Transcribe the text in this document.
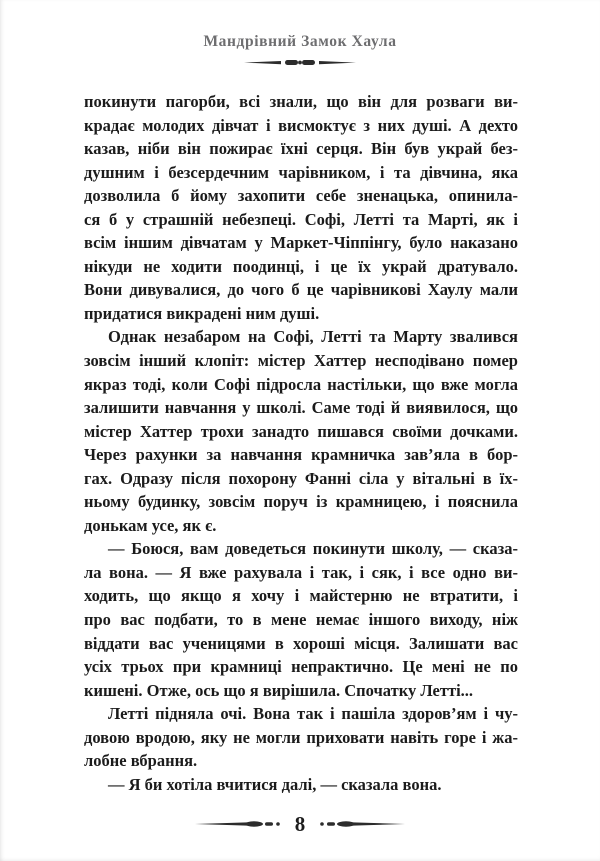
Мандрівний Замок Хаула
покинути пагорби, всі знали, що він для розваги ви-
крадає молодих дівчат і висмоктує з них душі. А дехто
казав, ніби він пожирає їхні серця. Він був украй без-
душним і безсердечним чарівником, і та дівчина, яка
дозволила б йому захопити себе зненацька, опинила-
ся б у страшній небезпеці. Софі, Летті та Марті, як і
всім іншим дівчатам у Маркет-Чіппінгу, було наказано
нікуди не ходити поодинці, і це їх украй дратувало.
Вони дивувалися, до чого б це чарівникові Хаулу мали
придатися викрадені ним душі.
Однак незабаром на Софі, Летті та Марту звалився
зовсім інший клопіт: містер Хаттер несподівано помер
якраз тоді, коли Софі підросла настільки, що вже могла
залишити навчання у школі. Саме тоді й виявилося, що
містер Хаттер трохи занадто пишався своїми дочками.
Через рахунки за навчання крамничка зав’яла в бор-
гах. Одразу після похорону Фанні сіла у вітальні в їх-
ньому будинку, зовсім поруч із крамницею, і пояснила
донькам усе, як є.
— Боюся, вам доведеться покинути школу, — сказа-
ла вона. — Я вже рахувала і так, і сяк, і все одно ви-
ходить, що якщо я хочу і майстерню не втратити, і
про вас подбати, то в мене немає іншого виходу, ніж
віддати вас ученицями в хороші місця. Залишати вас
усіх трьох при крамниці непрактично. Це мені не по
кишені. Отже, ось що я вирішила. Спочатку Летті...
Летті підняла очі. Вона так і пашіла здоров’ям і чу-
довою вродою, яку не могли приховати навіть горе і жа-
лобне вбрання.
— Я би хотіла вчитися далі, — сказала вона.
8
